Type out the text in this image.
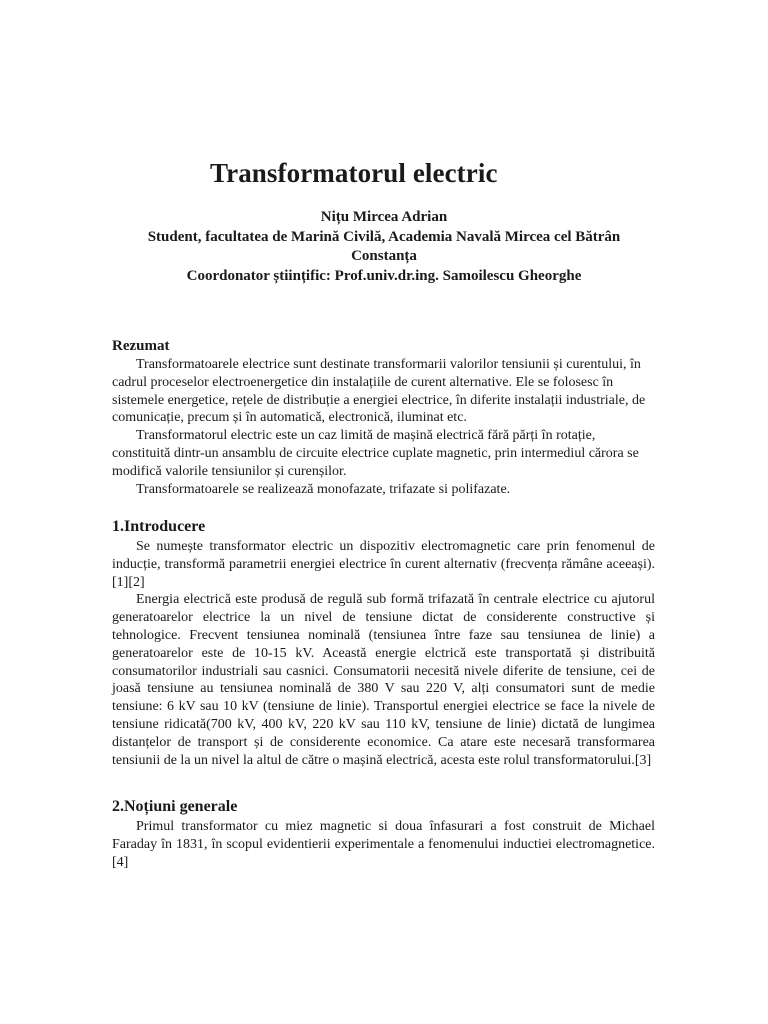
Transformatorul electric
Nițu Mircea Adrian
Student, facultatea de Marină Civilă, Academia Navală Mircea cel Bătrân
Constanța
Coordonator științific: Prof.univ.dr.ing. Samoilescu Gheorghe
Rezumat

Transformatoarele electrice sunt destinate transformarii valorilor tensiunii și curentului, în cadrul proceselor electroenergetice din instalațiile de curent alternative. Ele se folosesc în sistemele energetice, rețele de distribuție a energiei electrice, în diferite instalații industriale, de comunicație, precum și în automatică, electronică, iluminat etc.

Transformatorul electric este un caz limită de mașină electrică fără părți în rotație, constituită dintr-un ansamblu de circuite electrice cuplate magnetic, prin intermediul cărora se modifică valorile tensiunilor și curenșilor.

Transformatoarele se realizează monofazate, trifazate si polifazate.

1.Introducere

Se numește transformator electric un dispozitiv electromagnetic care prin fenomenul de inducție, transformă parametrii energiei electrice în curent alternativ (frecvența rămâne aceeași).[1][2]

Energia electrică este produsă de regulă sub formă trifazată în centrale electrice cu ajutorul generatoarelor electrice la un nivel de tensiune dictat de considerente constructive și tehnologice. Frecvent tensiunea nominală (tensiunea între faze sau tensiunea de linie) a generatoarelor este de 10-15 kV. Această energie elctrică este transportată și distribuită consumatorilor industriali sau casnici. Consumatorii necesită nivele diferite de tensiune, cei de joasă tensiune au tensiunea nominală de 380 V sau 220 V, alți consumatori sunt de medie tensiune: 6 kV sau 10 kV (tensiune de linie). Transportul energiei electrice se face la nivele de tensiune ridicată(700 kV, 400 kV, 220 kV sau 110 kV, tensiune de linie) dictată de lungimea distanțelor de transport și de considerente economice. Ca atare este necesară transformarea tensiunii de la un nivel la altul de către o mașină electrică, acesta este rolul transformatorului.[3]

2.Noțiuni generale

Primul transformator cu miez magnetic si doua înfasurari a fost construit de Michael Faraday în 1831, în scopul evidentierii experimentale a fenomenului inductiei electromagnetice.[4]
